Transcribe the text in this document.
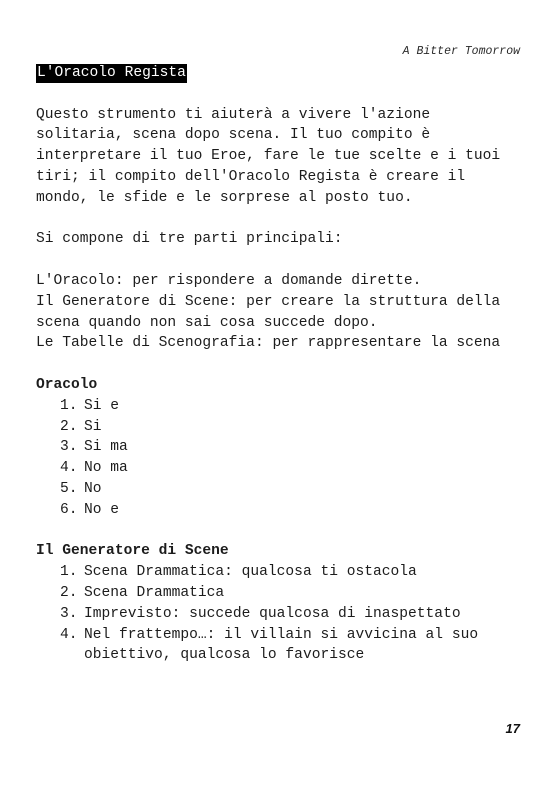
A Bitter Tomorrow
L'Oracolo Regista

Questo strumento ti aiuterà a vivere l'azione solitaria, scena dopo scena. Il tuo compito è interpretare il tuo Eroe, fare le tue scelte e i tuoi tiri; il compito dell'Oracolo Regista è creare il mondo, le sfide e le sorprese al posto tuo.

Si compone di tre parti principali:

L'Oracolo: per rispondere a domande dirette.

Il Generatore di Scene: per creare la struttura della scena quando non sai cosa succede dopo.

Le Tabelle di Scenografia: per rappresentare la scena

Oracolo

1. Si e
2. Si
3. Si ma
4. No ma
5. No
6. No e

Il Generatore di Scene

1. Scena Drammatica: qualcosa ti ostacola
2. Scena Drammatica
3. Imprevisto: succede qualcosa di inaspettato
4. Nel frattempo…: il villain si avvicina al suo obiettivo, qualcosa lo favorisce
17
